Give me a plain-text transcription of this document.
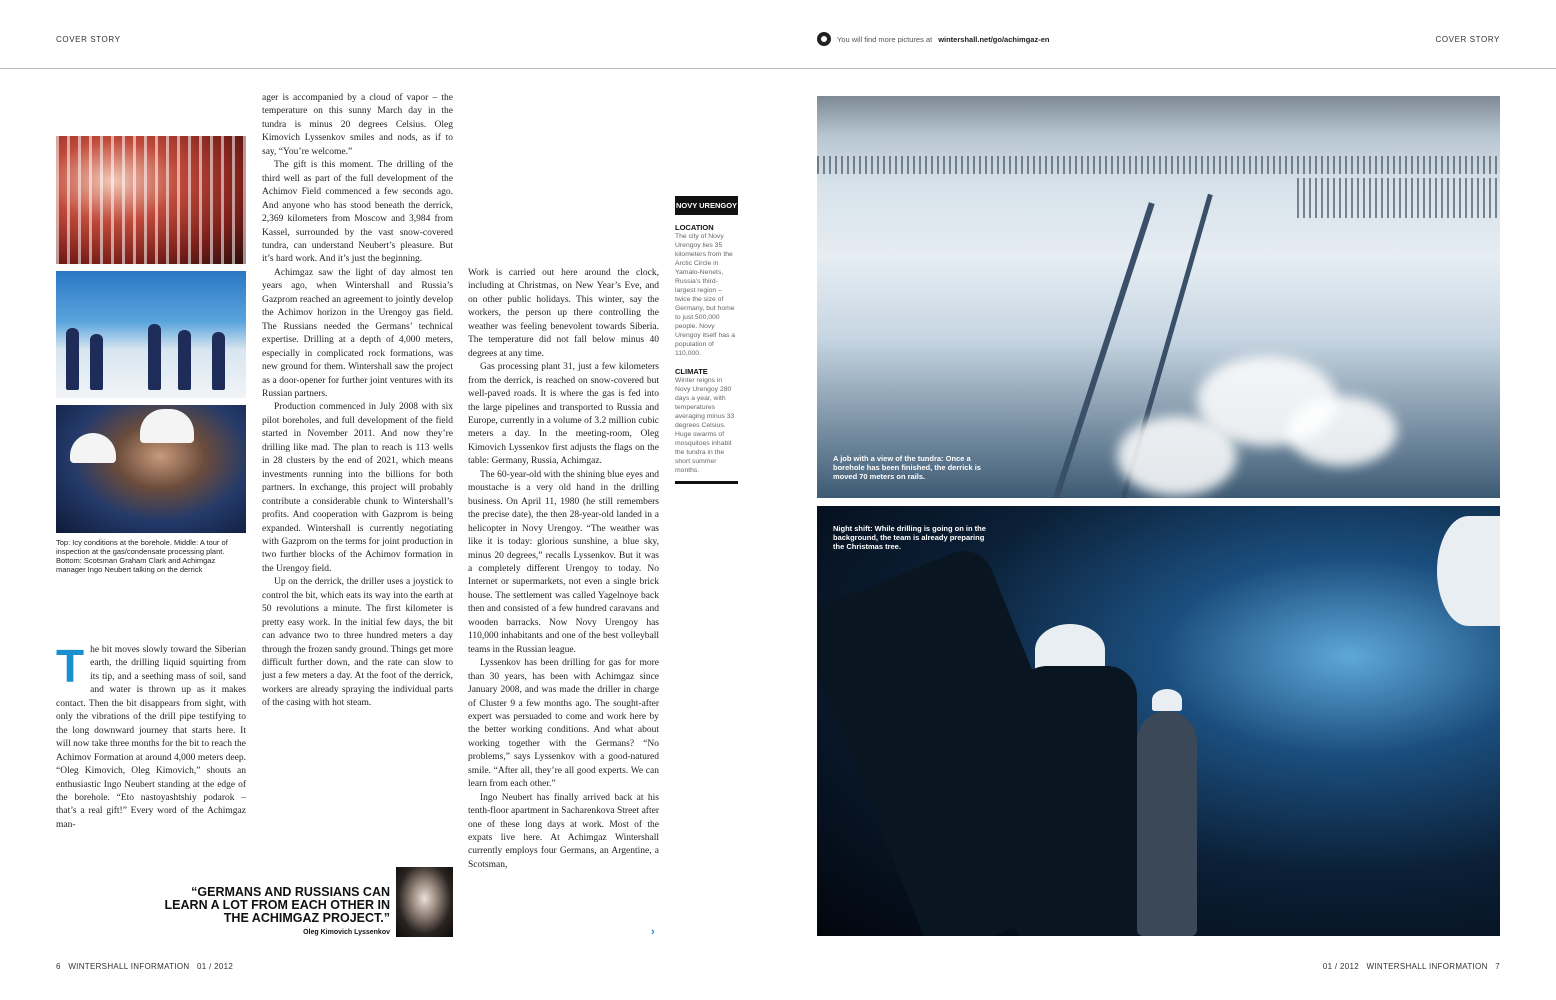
COVER STORY	You will find more pictures at wintershall.net/go/achimgaz-en	COVER STORY
Top: Icy conditions at the borehole. Middle: A tour of inspection at the gas/condensate processing plant. Bottom: Scotsman Graham Clark and Achimgaz manager Ingo Neubert talking on the derrick
T he bit moves slowly toward the Siberian earth, the drilling liquid squirting from its tip, and a seething mass of soil, sand and water is thrown up as it makes contact. Then the bit disappears from sight, with only the vibrations of the drill pipe testifying to the long downward journey that starts here. It will now take three months for the bit to reach the Achimov Formation at around 4,000 meters deep. “Oleg Kimovich, Oleg Kimovich,” shouts an enthusiastic Ingo Neubert standing at the edge of the borehole. “Eto nastoyashtshiy podarok – that’s a real gift!” Every word of the Achimgaz man-

ager is accompanied by a cloud of vapor – the temperature on this sunny March day in the tundra is minus 20 degrees Celsius. Oleg Kimovich Lyssenkov smiles and nods, as if to say, “You’re welcome.”

The gift is this moment. The drilling of the third well as part of the full development of the Achimov Field commenced a few seconds ago. And anyone who has stood beneath the derrick, 2,369 kilometers from Moscow and 3,984 from Kassel, surrounded by the vast snow-covered tundra, can understand Neubert’s pleasure. But it’s hard work. And it’s just the beginning.

Achimgaz saw the light of day almost ten years ago, when Wintershall and Russia’s Gazprom reached an agreement to jointly develop the Achimov horizon in the Urengoy gas field. The Russians needed the Germans’ technical expertise. Drilling at a depth of 4,000 meters, especially in complicated rock formations, was new ground for them. Wintershall saw the project as a door-opener for further joint ventures with its Russian partners.

Production commenced in July 2008 with six pilot boreholes, and full development of the field started in November 2011. And now they’re drilling like mad. The plan to reach is 113 wells in 28 clusters by the end of 2021, which means investments running into the billions for both partners. In exchange, this project will probably contribute a considerable chunk to Wintershall’s profits. And cooperation with Gazprom is being expanded. Wintershall is currently negotiating with Gazprom on the terms for joint production in two further blocks of the Achimov formation in the Urengoy field.

Up on the derrick, the driller uses a joystick to control the bit, which eats its way into the earth at 50 revolutions a minute. The first kilometer is pretty easy work. In the initial few days, the bit can advance two to three hundred meters a day through the frozen sandy ground. Things get more difficult further down, and the rate can slow to just a few meters a day. At the foot of the derrick, workers are already spraying the individual parts of the casing with hot steam.

Work is carried out here around the clock, including at Christmas, on New Year’s Eve, and on other public holidays. This winter, say the workers, the person up there controlling the weather was feeling benevolent towards Siberia. The temperature did not fall below minus 40 degrees at any time.

Gas processing plant 31, just a few kilometers from the derrick, is reached on snow-covered but well-paved roads. It is where the gas is fed into the large pipelines and transported to Russia and Europe, currently in a volume of 3.2 million cubic meters a day. In the meeting-room, Oleg Kimovich Lyssenkov first adjusts the flags on the table: Germany, Russia, Achimgaz.

The 60-year-old with the shining blue eyes and moustache is a very old hand in the drilling business. On April 11, 1980 (he still remembers the precise date), the then 28-year-old landed in a helicopter in Novy Urengoy. “The weather was like it is today: glorious sunshine, a blue sky, minus 20 degrees,” recalls Lyssenkov. But it was a completely different Urengoy to today. No Internet or supermarkets, not even a single brick house. The settlement was called Yagelnoye back then and consisted of a few hundred caravans and wooden barracks. Now Novy Urengoy has 110,000 inhabitants and one of the best volleyball teams in the Russian league.

Lyssenkov has been drilling for gas for more than 30 years, has been with Achimgaz since January 2008, and was made the driller in charge of Cluster 9 a few months ago. The sought-after expert was persuaded to come and work here by the better working conditions. And what about working together with the Germans? “No problems,” says Lyssenkov with a good-natured smile. “After all, they’re all good experts. We can learn from each other.”

Ingo Neubert has finally arrived back at his tenth-floor apartment in Sacharenkova Street after one of these long days at work. Most of the expats live here. At Achimgaz Wintershall currently employs four Germans, an Argentine, a Scotsman,

›
“GERMANS AND RUSSIANS CAN LEARN A LOT FROM EACH OTHER IN THE ACHIMGAZ PROJECT.”
Oleg Kimovich Lyssenkov
NOVY URENGOY
LOCATION
The city of Novy Urengoy lies 35 kilometers from the Arctic Circle in Yamalo-Nenets, Russia’s third-largest region – twice the size of Germany, but home to just 500,000 people. Novy Urengoy itself has a population of 110,000.
CLIMATE
Winter reigns in Novy Urengoy 280 days a year, with temperatures averaging minus 33 degrees Celsius. Huge swarms of mosquitoes inhabit the tundra in the short summer months.
A job with a view of the tundra: Once a borehole has been finished, the derrick is moved 70 meters on rails.
Night shift: While drilling is going on in the background, the team is already preparing the Christmas tree.
6 WINTERSHALL INFORMATION 01 / 2012	01 / 2012 WINTERSHALL INFORMATION 7
